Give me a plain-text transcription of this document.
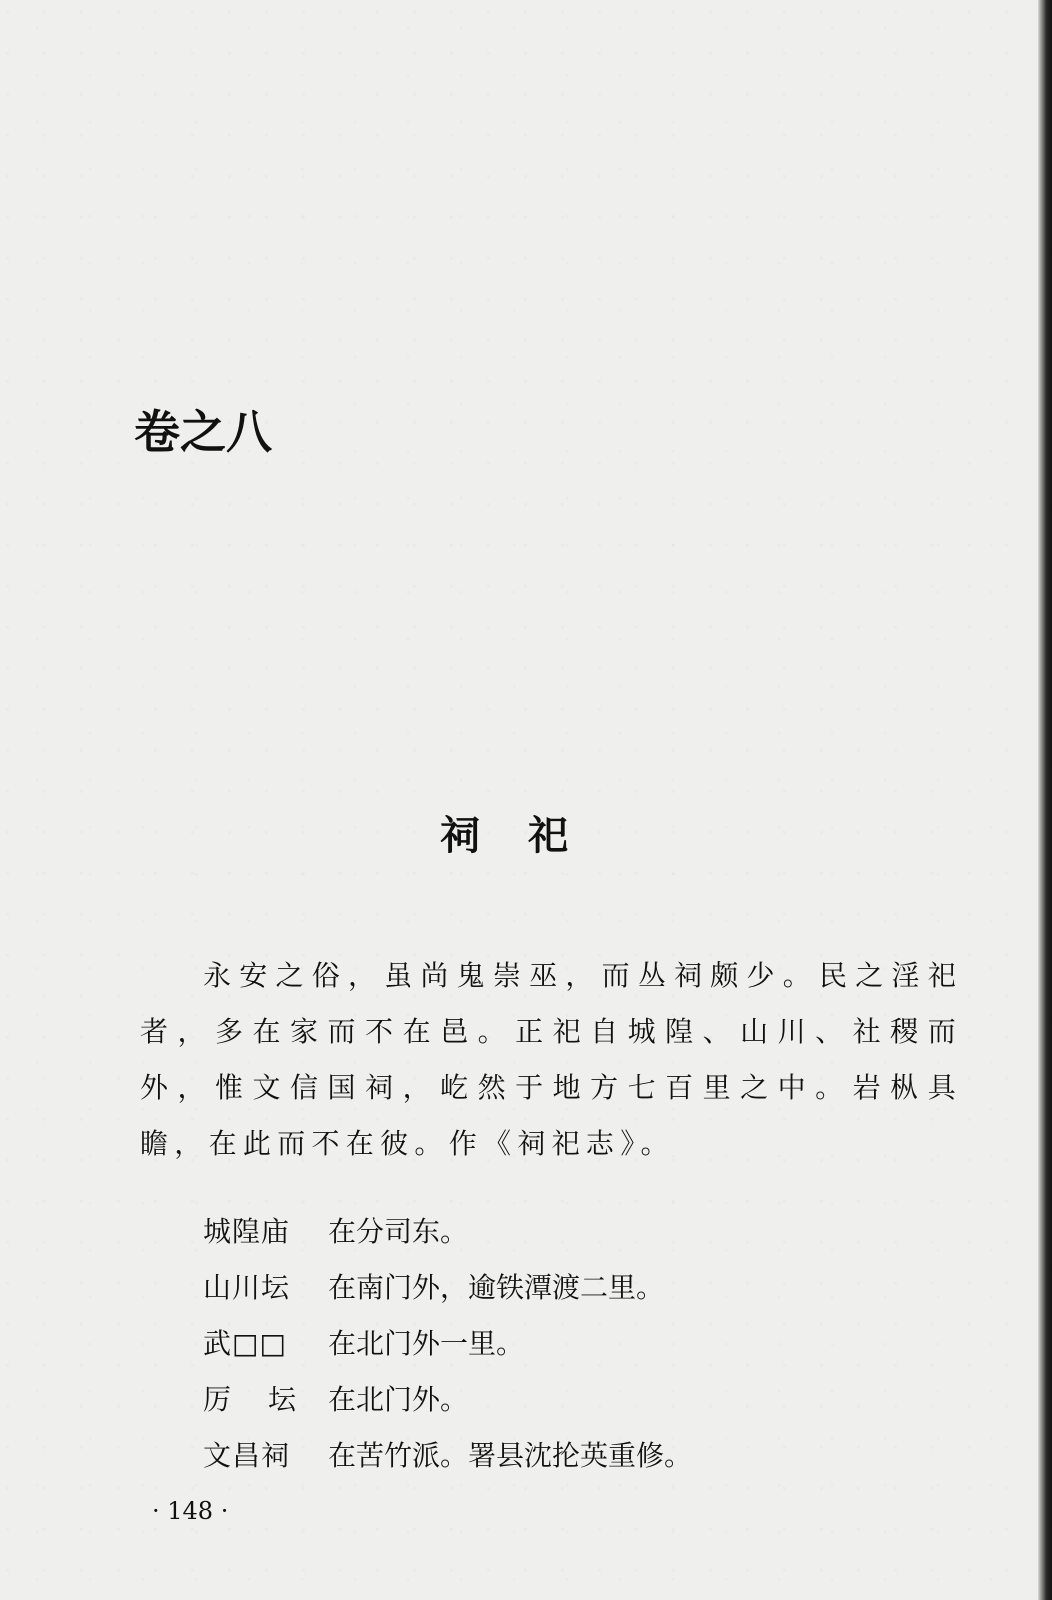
卷之八
祠祀

永安之俗，虽尚鬼崇巫，而丛祠颇少。民之淫祀者，多在家而不在邑。正祀自城隍、山川、社稷而外，惟文信国祠，屹然于地方七百里之中。岩枞具瞻，在此而不在彼。作《祠祀志》。

城隍庙	在分司东。
山川坛	在南门外，逾铁潭渡二里。
武□□	在北门外一里。
厉 坛 在北门外。
文昌祠	在苦竹派。署县沈抡英重修。
· 148 ·
